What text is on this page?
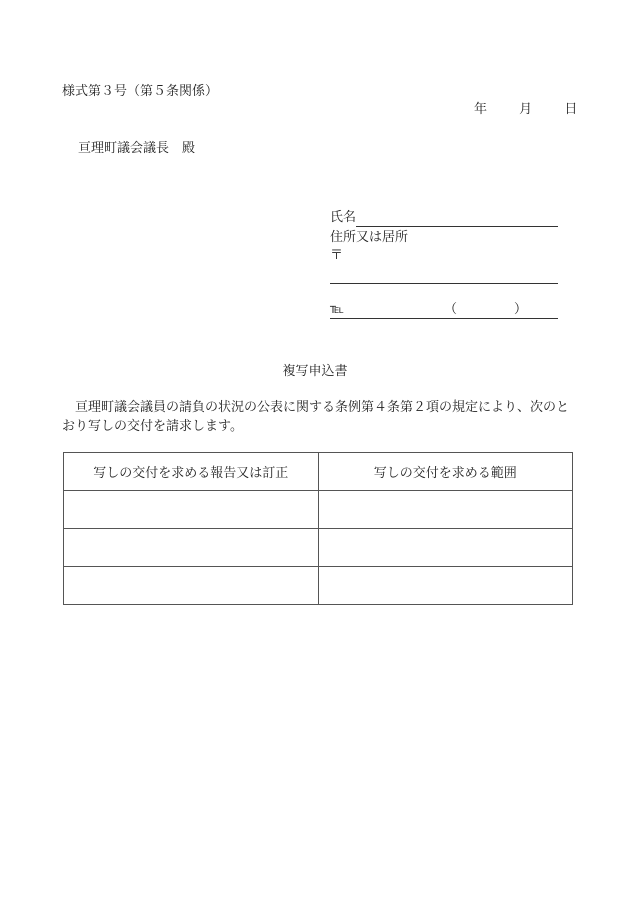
様式第３号（第５条関係）
年 月 日
亘理町議会議長　殿
氏名
住所又は居所
〒
℡	（	）
複写申込書
亘理町議会議員の請負の状況の公表に関する条例第４条第２項の規定により、次のとおり写しの交付を請求します。
写しの交付を求める報告又は訂正	写しの交付を求める範囲
